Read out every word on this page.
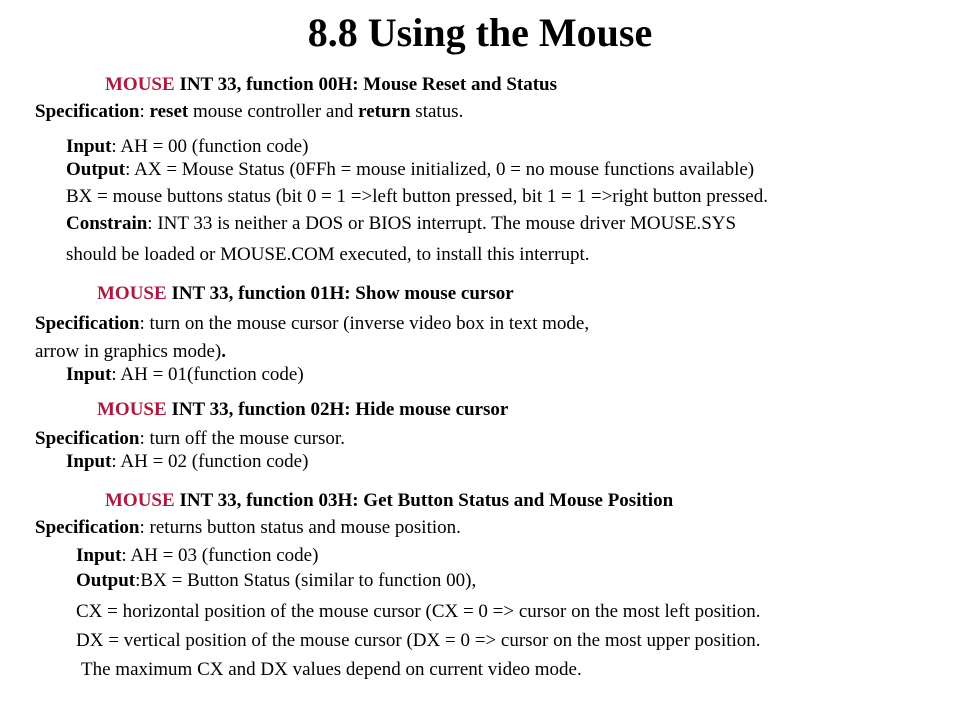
8.8 Using the Mouse
MOUSE INT 33, function 00H: Mouse Reset and Status
Specification: reset mouse controller and return status.
Input: AH = 00 (function code)
Output: AX = Mouse Status (0FFh = mouse initialized, 0 = no mouse functions available)
BX = mouse buttons status (bit 0 = 1 =>left button pressed, bit 1 = 1 =>right button pressed.
Constrain: INT 33 is neither a DOS or BIOS interrupt. The mouse driver MOUSE.SYS
should be loaded or MOUSE.COM executed, to install this interrupt.
MOUSE INT 33, function 01H: Show mouse cursor
Specification: turn on the mouse cursor (inverse video box in text mode,
arrow in graphics mode).
Input: AH = 01(function code)
MOUSE INT 33, function 02H: Hide mouse cursor
Specification: turn off the mouse cursor.
Input: AH = 02 (function code)
MOUSE INT 33, function 03H: Get Button Status and Mouse Position
Specification: returns button status and mouse position.
Input: AH = 03 (function code)
Output:BX = Button Status (similar to function 00),
CX = horizontal position of the mouse cursor (CX = 0 => cursor on the most left position.
DX = vertical position of the mouse cursor (DX = 0 => cursor on the most upper position.
The maximum CX and DX values depend on current video mode.
